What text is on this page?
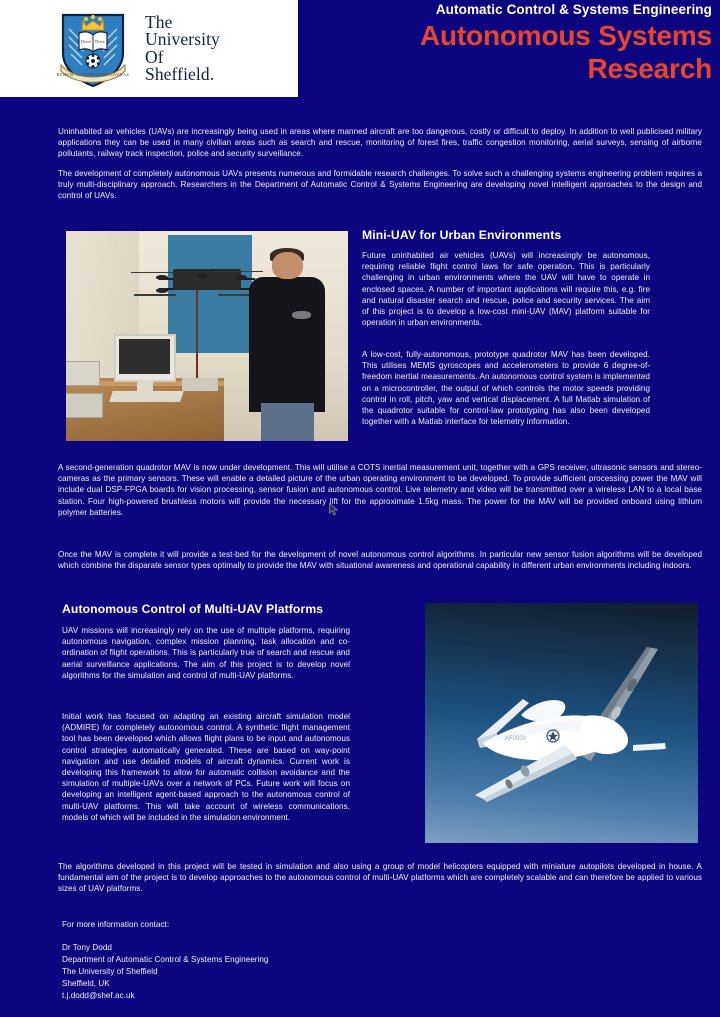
Disce Doce
RERUM COGNOSCERE CAUSAS
The
University
Of
Sheffield.
Automatic Control & Systems Engineering
Autonomous Systems
Research
Uninhabited air vehicles (UAVs) are increasingly being used in areas where manned aircraft are too dangerous, costly or difficult to deploy. In addition to well publicised military applications they can be used in many civilian areas such as search and rescue, monitoring of forest fires, traffic congestion monitoring, aerial surveys, sensing of airborne pollutants, railway track inspection, police and security surveillance.
The development of completely autonomous UAVs presents numerous and formidable research challenges. To solve such a challenging systems engineering problem requires a truly multi-disciplinary approach. Researchers in the Department of Automatic Control & Systems Engineering are developing novel intelligent approaches to the design and control of UAVs.
Mini-UAV for Urban Environments
Future uninhabited air vehicles (UAVs) will increasingly be autonomous, requiring reliable flight control laws for safe operation. This is particularly challenging in urban environments where the UAV will have to operate in enclosed spaces. A number of important applications will require this, e.g. fire and natural disaster search and rescue, police and security services. The aim of this project is to develop a low-cost mini-UAV (MAV) platform suitable for operation in urban environments.
A low-cost, fully-autonomous, prototype quadrotor MAV has been developed. This utilises MEMS gyroscopes and accelerometers to provide 6 degree-of-freedom inertial measurements. An autonomous control system is implemented on a microcontroller, the output of which controls the motor speeds providing control in roll, pitch, yaw and vertical displacement. A full Matlab simulation of the quadrotor suitable for control-law prototyping has also been developed together with a Matlab interface for telemetry information.
A second-generation quadrotor MAV is now under development. This will utilise a COTS inertial measurement unit, together with a GPS receiver, ultrasonic sensors and stereo-cameras as the primary sensors. These will enable a detailed picture of the urban operating environment to be developed. To provide sufficient processing power the MAV will include dual DSP-FPGA boards for vision processing, sensor fusion and autonomous control. Live telemetry and video will be transmitted over a wireless LAN to a local base station. Four high-powered brushless motors will provide the necessary lift for the approximate 1.5kg mass. The power for the MAV will be provided onboard using lithium polymer batteries.
Once the MAV is complete it will provide a test-bed for the development of novel autonomous control algorithms. In particular new sensor fusion algorithms will be developed which combine the disparate sensor types optimally to provide the MAV with situational awareness and operational capability in different urban environments including indoors.
Autonomous Control of Multi-UAV Platforms
UAV missions will increasingly rely on the use of multiple platforms, requiring autonomous navigation, complex mission planning, task allocation and co-ordination of flight operations. This is particularly true of search and rescue and aerial surveillance applications. The aim of this project is to develop novel algorithms for the simulation and control of multi-UAV platforms.
Initial work has focused on adapting an existing aircraft simulation model (ADMIRE) for completely autonomous control. A synthetic flight management tool has been developed which allows flight plans to be input and autonomous control strategies automatically generated. These are based on way-point navigation and use detailed models of aircraft dynamics. Current work is developing this framework to allow for automatic collision avoidance and the simulation of multiple-UAVs over a network of PCs. Future work will focus on developing an intelligent agent-based approach to the autonomous control of multi-UAV platforms. This will take account of wireless communications, models of which will be included in the simulation environment.
AF0000
The algorithms developed in this project will be tested in simulation and also using a group of model helicopters equipped with miniature autopilots developed in house. A fundamental aim of the project is to develop approaches to the autonomous control of multi-UAV platforms which are completely scalable and can therefore be applied to various sizes of UAV platforms.
For more information contact:
Dr Tony Dodd
Department of Automatic Control & Systems Engineering
The University of Sheffield
Sheffield, UK
t.j.dodd@shef.ac.uk
